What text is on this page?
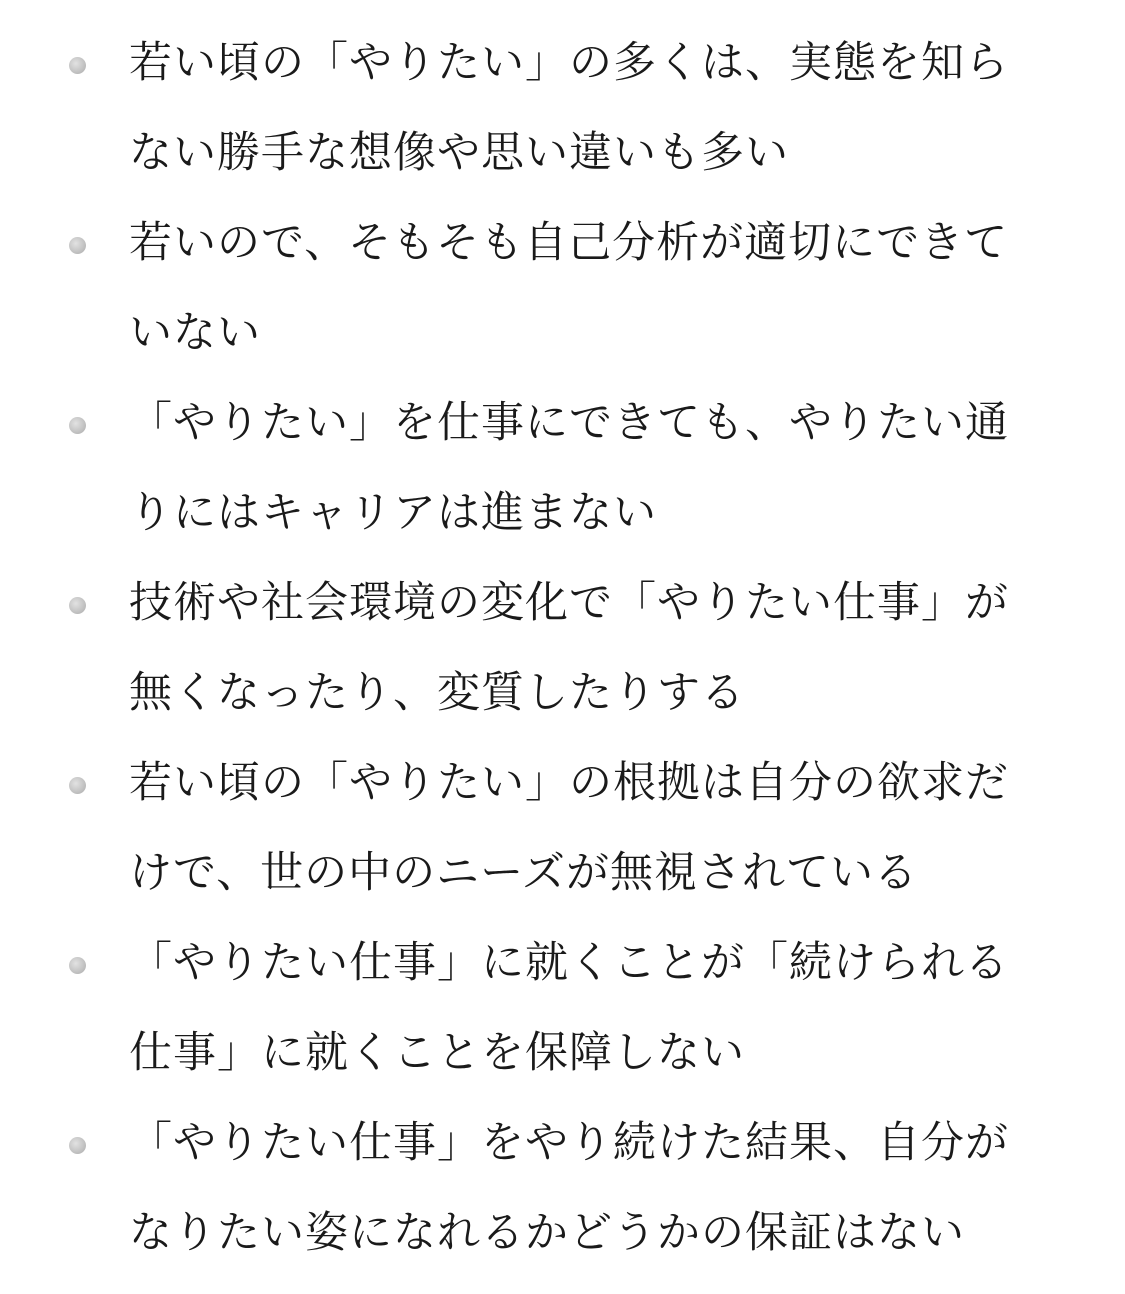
若い頃の「やりたい」の多くは、実態を知ら
ない勝手な想像や思い違いも多い
若いので、そもそも自己分析が適切にできて
いない
「やりたい」を仕事にできても、やりたい通
りにはキャリアは進まない
技術や社会環境の変化で「やりたい仕事」が
無くなったり、変質したりする
若い頃の「やりたい」の根拠は自分の欲求だ
けで、世の中のニーズが無視されている
「やりたい仕事」に就くことが「続けられる
仕事」に就くことを保障しない
「やりたい仕事」をやり続けた結果、自分が
なりたい姿になれるかどうかの保証はない
